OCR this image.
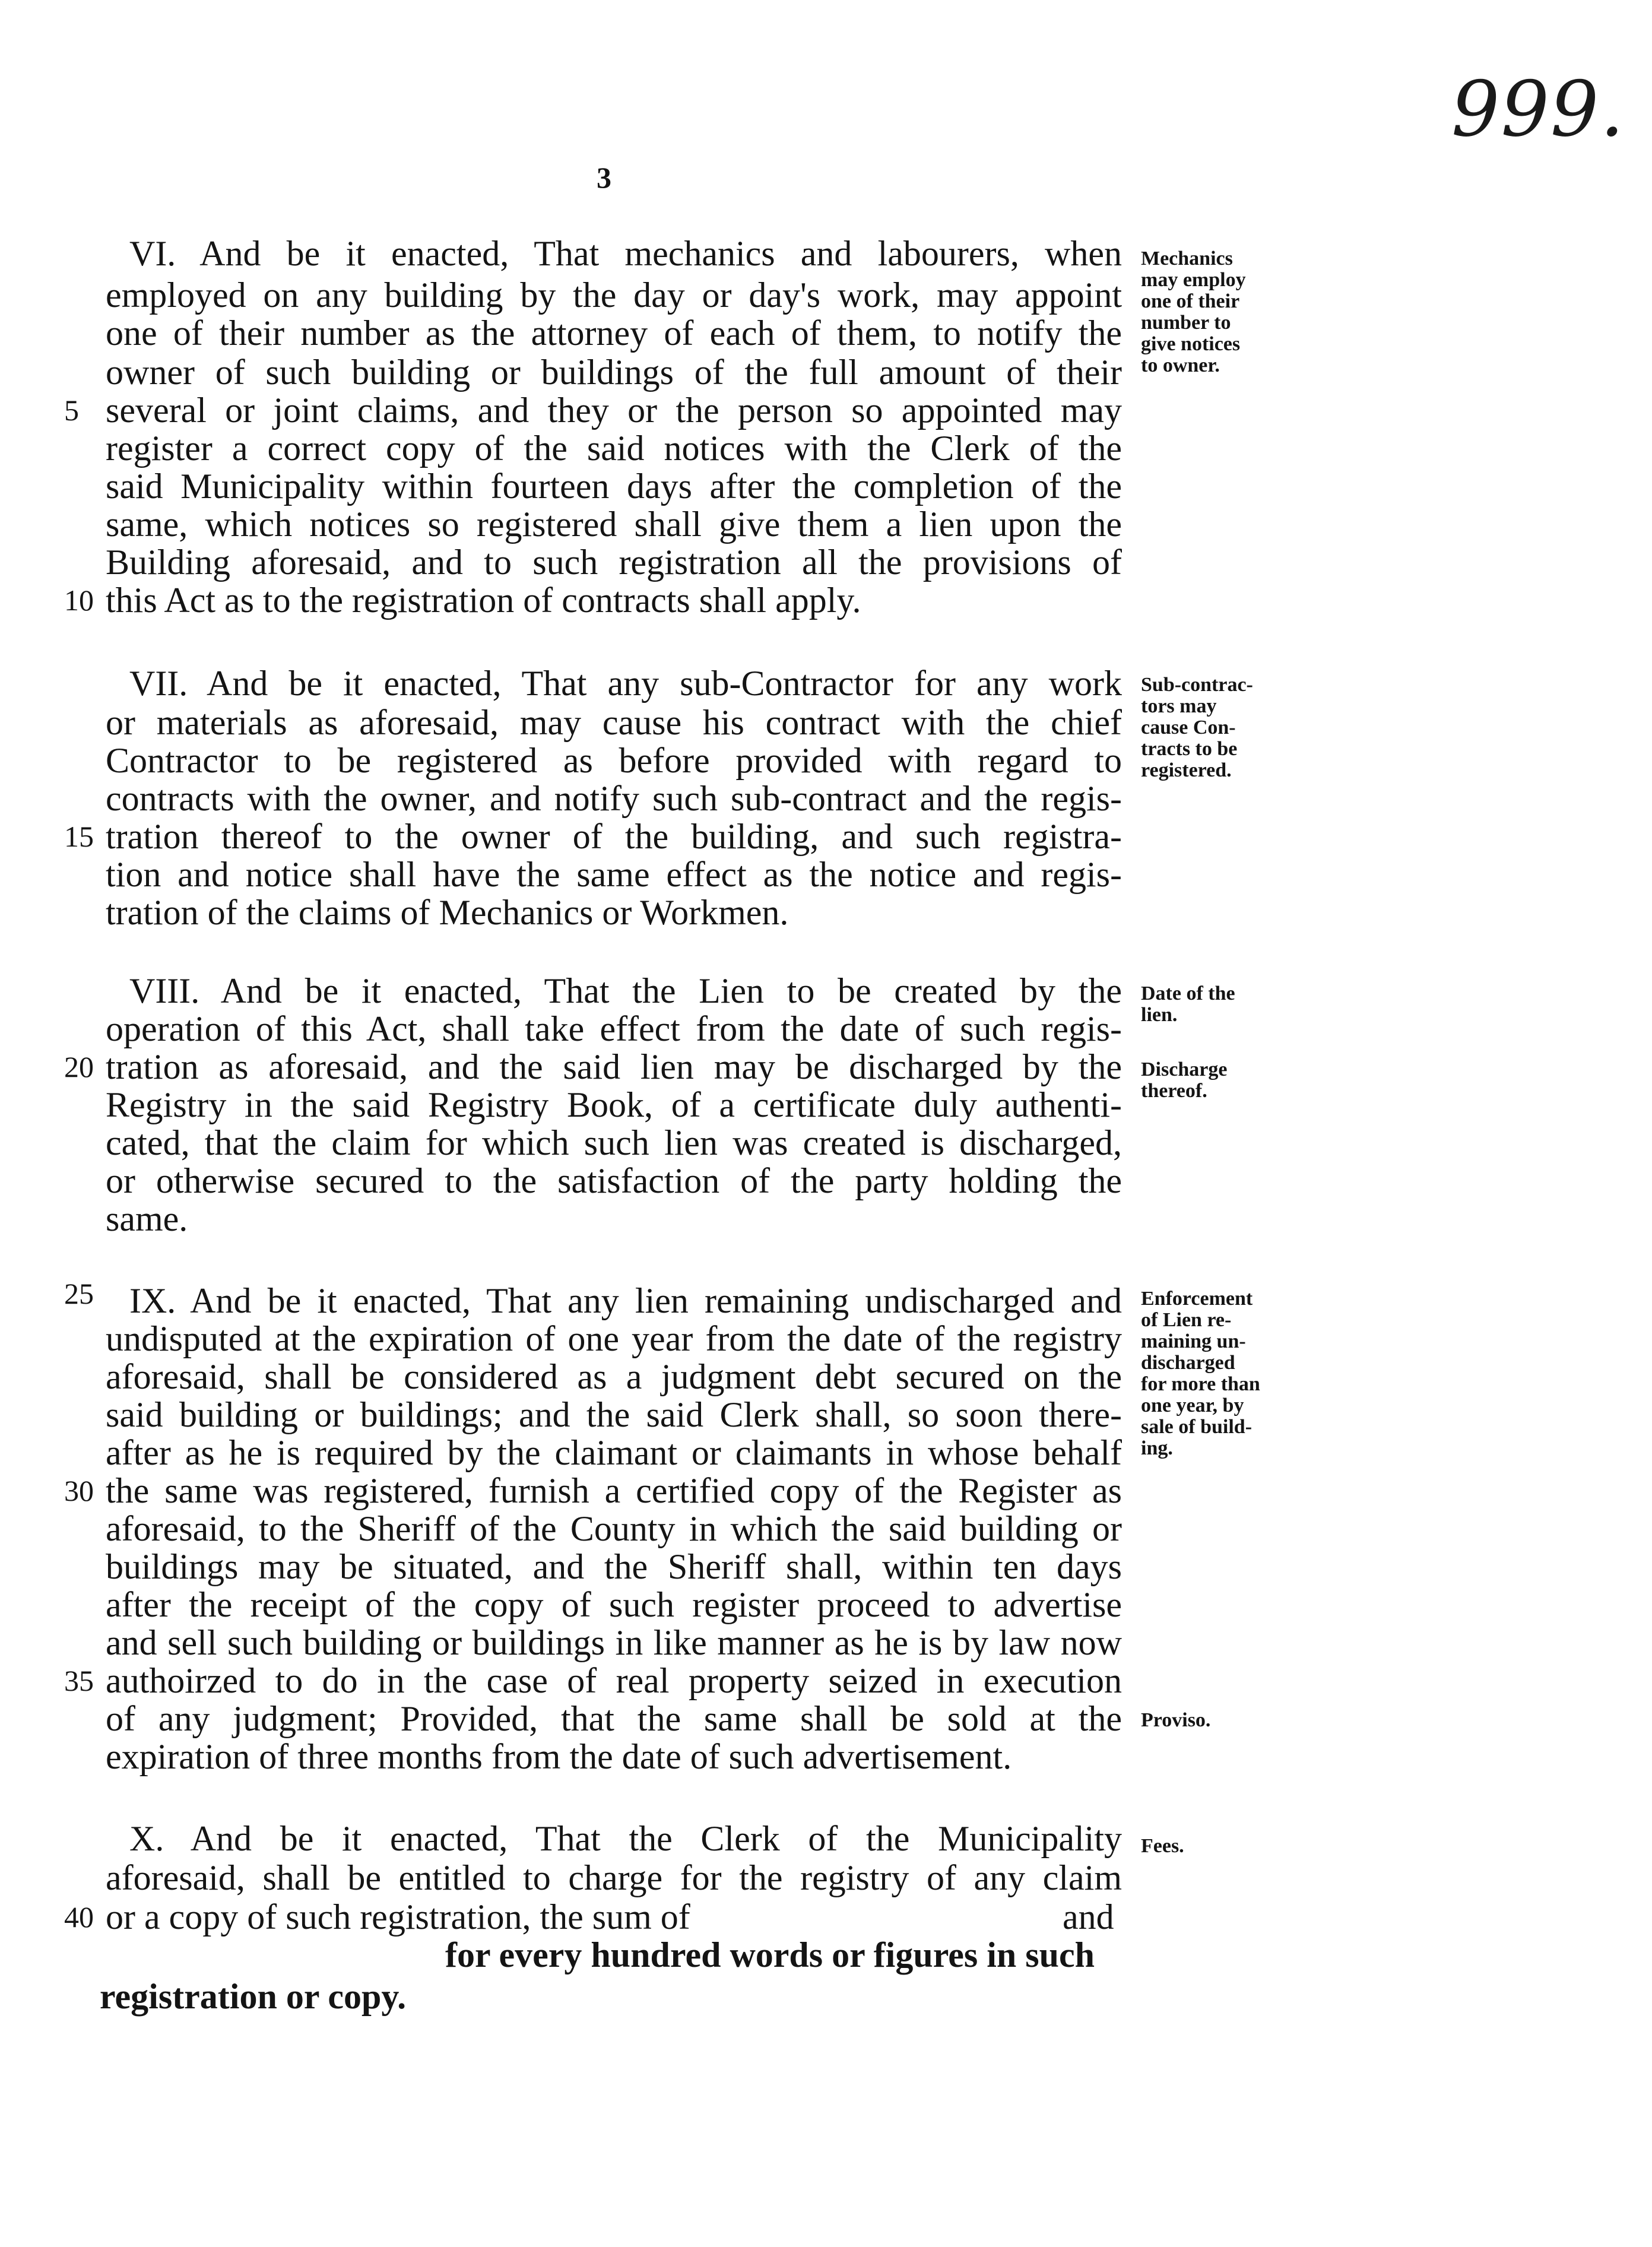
999.
3
VI. And be it enacted, That mechanics and labourers, when
employed on any building by the day or day's work, may appoint
one of their number as the attorney of each of them, to notify the
owner of such building or buildings of the full amount of their
several or joint claims, and they or the person so appointed may
register a correct copy of the said notices with the Clerk of the
said Municipality within fourteen days after the completion of the
same, which notices so registered shall give them a lien upon the
Building aforesaid, and to such registration all the provisions of
this Act as to the registration of contracts shall apply.
Mechanics
may employ
one of their
number to
give notices
to owner.
VII. And be it enacted, That any sub-Contractor for any work
or materials as aforesaid, may cause his contract with the chief
Contractor to be registered as before provided with regard to
contracts with the owner, and notify such sub-contract and the regis-
tration thereof to the owner of the building, and such registra-
tion and notice shall have the same effect as the notice and regis-
tration of the claims of Mechanics or Workmen.
Sub-contrac-
tors may
cause Con-
tracts to be
registered.
VIII. And be it enacted, That the Lien to be created by the
operation of this Act, shall take effect from the date of such regis-
tration as aforesaid, and the said lien may be discharged by the
Registry in the said Registry Book, of a certificate duly authenti-
cated, that the claim for which such lien was created is discharged,
or otherwise secured to the satisfaction of the party holding the
same.
Date of the
lien.
Discharge
thereof.
IX. And be it enacted, That any lien remaining undischarged and
undisputed at the expiration of one year from the date of the registry
aforesaid, shall be considered as a judgment debt secured on the
said building or buildings; and the said Clerk shall, so soon there-
after as he is required by the claimant or claimants in whose behalf
the same was registered, furnish a certified copy of the Register as
aforesaid, to the Sheriff of the County in which the said building or
buildings may be situated, and the Sheriff shall, within ten days
after the receipt of the copy of such register proceed to advertise
and sell such building or buildings in like manner as he is by law now
authoirzed to do in the case of real property seized in execution
of any judgment; Provided, that the same shall be sold at the
expiration of three months from the date of such advertisement.
Enforcement
of Lien re-
maining un-
discharged
for more than
one year, by
sale of build-
ing.
Proviso.
X. And be it enacted, That the Clerk of the Municipality
aforesaid, shall be entitled to charge for the registry of any claim
or a copy of such registration, the sum of	and
for every hundred words or figures in such
registration or copy.
Fees.
5
10
15
20
25
30
35
40
